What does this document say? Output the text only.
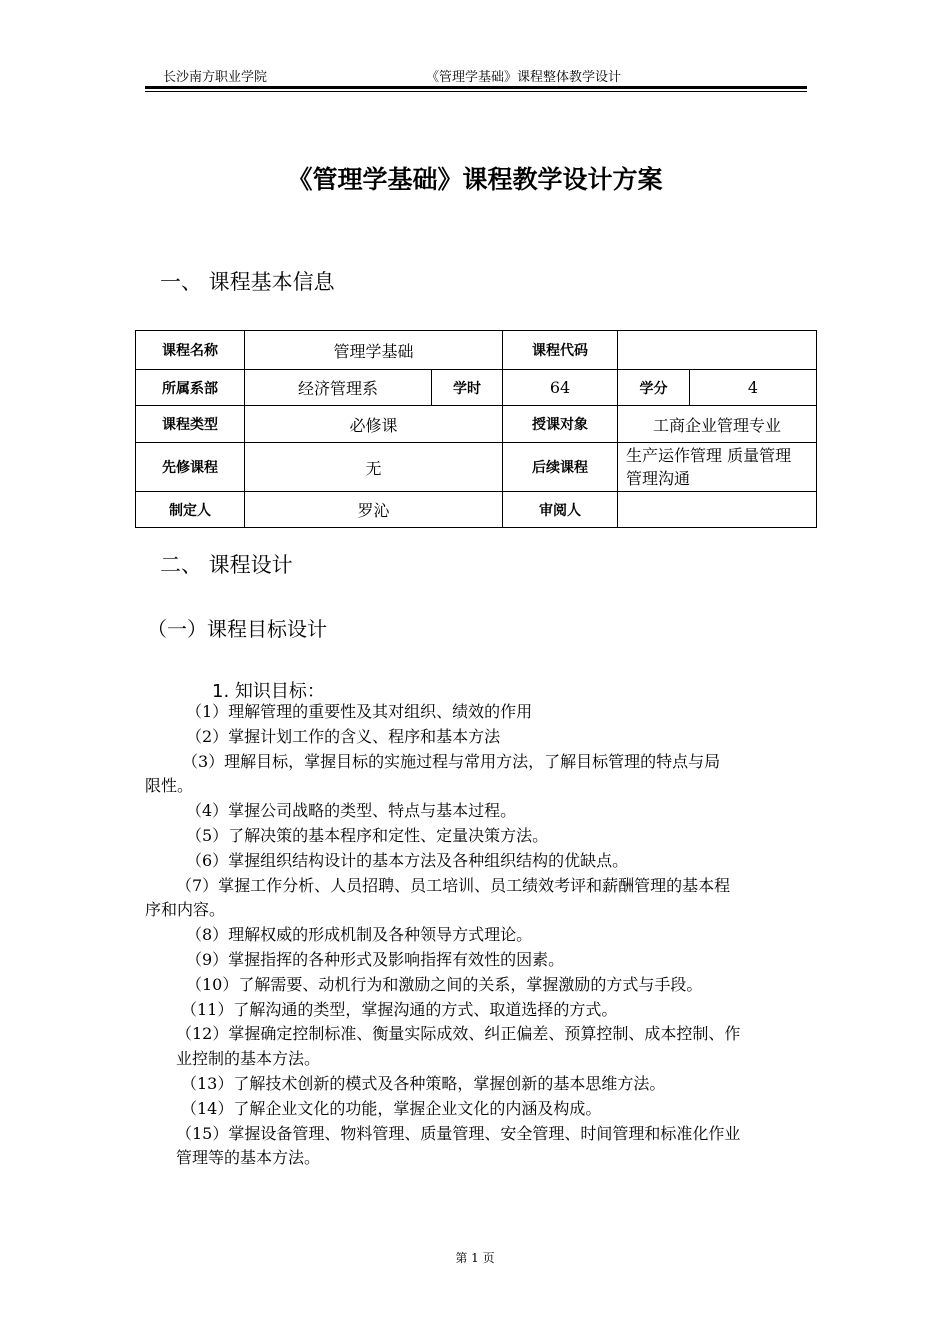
长沙南方职业学院	《管理学基础》课程整体教学设计
《管理学基础》课程教学设计方案
一、 课程基本信息
课程名称	管理学基础		课程代码		
所属系部	经济管理系	学时	64	学分	4
课程类型	必修课		授课对象	工商企业管理专业	
先修课程	无		后续课程	生产运作管理 质量管理 管理沟通	
制定人	罗沁		审阅人		
二、 课程设计
（一）课程目标设计
1. 知识目标：
（1）理解管理的重要性及其对组织、绩效的作用
（2）掌握计划工作的含义、程序和基本方法
（3）理解目标，掌握目标的实施过程与常用方法，了解目标管理的特点与局
限性。
（4）掌握公司战略的类型、特点与基本过程。
（5）了解决策的基本程序和定性、定量决策方法。
（6）掌握组织结构设计的基本方法及各种组织结构的优缺点。
（7）掌握工作分析、人员招聘、员工培训、员工绩效考评和薪酬管理的基本程
序和内容。
（8）理解权威的形成机制及各种领导方式理论。
（9）掌握指挥的各种形式及影响指挥有效性的因素。
（10）了解需要、动机行为和激励之间的关系，掌握激励的方式与手段。
（11）了解沟通的类型，掌握沟通的方式、取道选择的方式。
（12）掌握确定控制标准、衡量实际成效、纠正偏差、预算控制、成本控制、作
业控制的基本方法。
（13）了解技术创新的模式及各种策略，掌握创新的基本思维方法。
（14）了解企业文化的功能，掌握企业文化的内涵及构成。
（15）掌握设备管理、物料管理、质量管理、安全管理、时间管理和标准化作业
管理等的基本方法。
第 1 页
